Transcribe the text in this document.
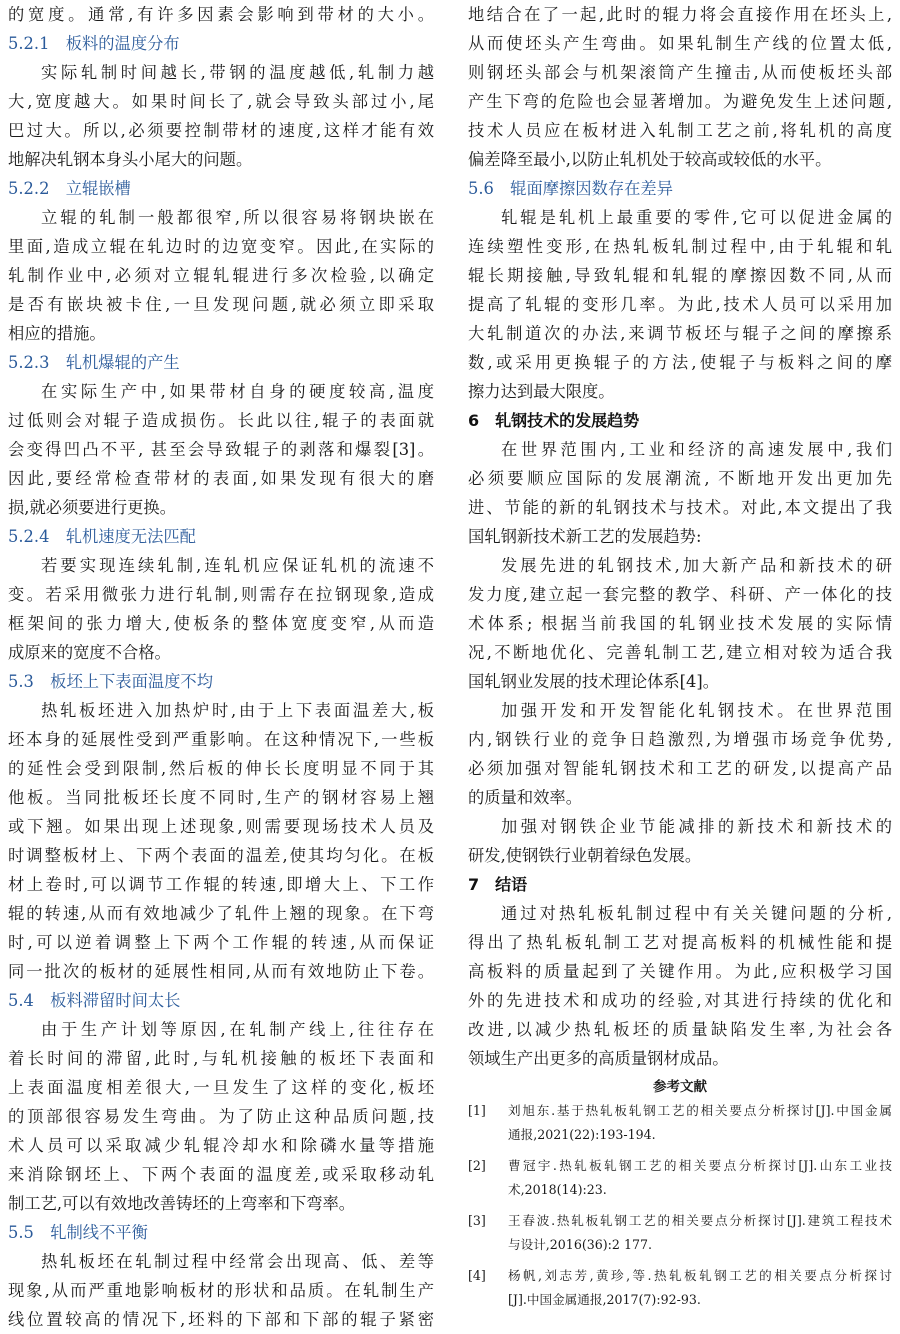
的宽度。通常,有许多因素会影响到带材的大小。
5.2.1　板料的温度分布
实际轧制时间越长,带钢的温度越低,轧制力越
大,宽度越大。如果时间长了,就会导致头部过小,尾
巴过大。所以,必须要控制带材的速度,这样才能有效
地解决轧钢本身头小尾大的问题。
5.2.2　立辊嵌槽
立辊的轧制一般都很窄,所以很容易将钢块嵌在
里面,造成立辊在轧边时的边宽变窄。因此,在实际的
轧制作业中,必须对立辊轧辊进行多次检验,以确定
是否有嵌块被卡住,一旦发现问题,就必须立即采取
相应的措施。
5.2.3　轧机爆辊的产生
在实际生产中,如果带材自身的硬度较高,温度
过低则会对辊子造成损伤。长此以往,辊子的表面就
会变得凹凸不平, 甚至会导致辊子的剥落和爆裂[3]。
因此,要经常检查带材的表面,如果发现有很大的磨
损,就必须要进行更换。
5.2.4　轧机速度无法匹配
若要实现连续轧制,连轧机应保证轧机的流速不
变。若采用微张力进行轧制,则需存在拉钢现象,造成
框架间的张力增大,使板条的整体宽度变窄,从而造
成原来的宽度不合格。
5.3　板坯上下表面温度不均
热轧板坯进入加热炉时,由于上下表面温差大,板
坯本身的延展性受到严重影响。在这种情况下,一些板
的延性会受到限制,然后板的伸长长度明显不同于其
他板。当同批板坯长度不同时,生产的钢材容易上翘
或下翘。如果出现上述现象,则需要现场技术人员及
时调整板材上、下两个表面的温差,使其均匀化。在板
材上卷时,可以调节工作辊的转速,即增大上、下工作
辊的转速,从而有效地减少了轧件上翘的现象。在下弯
时,可以逆着调整上下两个工作辊的转速,从而保证
同一批次的板材的延展性相同,从而有效地防止下卷。
5.4　板料滞留时间太长
由于生产计划等原因,在轧制产线上,往往存在
着长时间的滞留,此时,与轧机接触的板坯下表面和
上表面温度相差很大,一旦发生了这样的变化,板坯
的顶部很容易发生弯曲。为了防止这种品质问题,技
术人员可以采取减少轧辊冷却水和除磷水量等措施
来消除钢坯上、下两个表面的温度差,或采取移动轧
制工艺,可以有效地改善铸坯的上弯率和下弯率。
5.5　轧制线不平衡
热轧板坯在轧制过程中经常会出现高、低、差等
现象,从而严重地影响板材的形状和品质。在轧制生产
线位置较高的情况下,坯料的下部和下部的辊子紧密
地结合在了一起,此时的辊力将会直接作用在坯头上,
从而使坯头产生弯曲。如果轧制生产线的位置太低,
则钢坯头部会与机架滚筒产生撞击,从而使板坯头部
产生下弯的危险也会显著增加。为避免发生上述问题,
技术人员应在板材进入轧制工艺之前,将轧机的高度
偏差降至最小,以防止轧机处于较高或较低的水平。
5.6　辊面摩擦因数存在差异
轧辊是轧机上最重要的零件,它可以促进金属的
连续塑性变形,在热轧板轧制过程中,由于轧辊和轧
辊长期接触,导致轧辊和轧辊的摩擦因数不同,从而
提高了轧辊的变形几率。为此,技术人员可以采用加
大轧制道次的办法,来调节板坯与辊子之间的摩擦系
数,或采用更换辊子的方法,使辊子与板料之间的摩
擦力达到最大限度。
6　轧钢技术的发展趋势
在世界范围内,工业和经济的高速发展中,我们
必须要顺应国际的发展潮流, 不断地开发出更加先
进、节能的新的轧钢技术与技术。对此,本文提出了我
国轧钢新技术新工艺的发展趋势:
发展先进的轧钢技术,加大新产品和新技术的研
发力度,建立起一套完整的教学、科研、产一体化的技
术体系; 根据当前我国的轧钢业技术发展的实际情
况,不断地优化、完善轧制工艺,建立相对较为适合我
国轧钢业发展的技术理论体系[4]。
加强开发和开发智能化轧钢技术。在世界范围
内,钢铁行业的竞争日趋激烈,为增强市场竞争优势,
必须加强对智能轧钢技术和工艺的研发,以提高产品
的质量和效率。
加强对钢铁企业节能减排的新技术和新技术的
研发,使钢铁行业朝着绿色发展。
7　结语
通过对热轧板轧制过程中有关关键问题的分析,
得出了热轧板轧制工艺对提高板料的机械性能和提
高板料的质量起到了关键作用。为此,应积极学习国
外的先进技术和成功的经验,对其进行持续的优化和
改进,以减少热轧板坯的质量缺陷发生率,为社会各
领域生产出更多的高质量钢材成品。
参考文献
[1] 刘旭东.基于热轧板轧钢工艺的相关要点分析探讨[J].中国金属
通报,2021(22):193-194.
[2] 曹冠宇.热轧板轧钢工艺的相关要点分析探讨[J].山东工业技
术,2018(14):23.
[3] 王春波.热轧板轧钢工艺的相关要点分析探讨[J].建筑工程技术
与设计,2016(36):2 177.
[4] 杨帆,刘志芳,黄珍,等.热轧板轧钢工艺的相关要点分析探讨
[J].中国金属通报,2017(7):92-93.
